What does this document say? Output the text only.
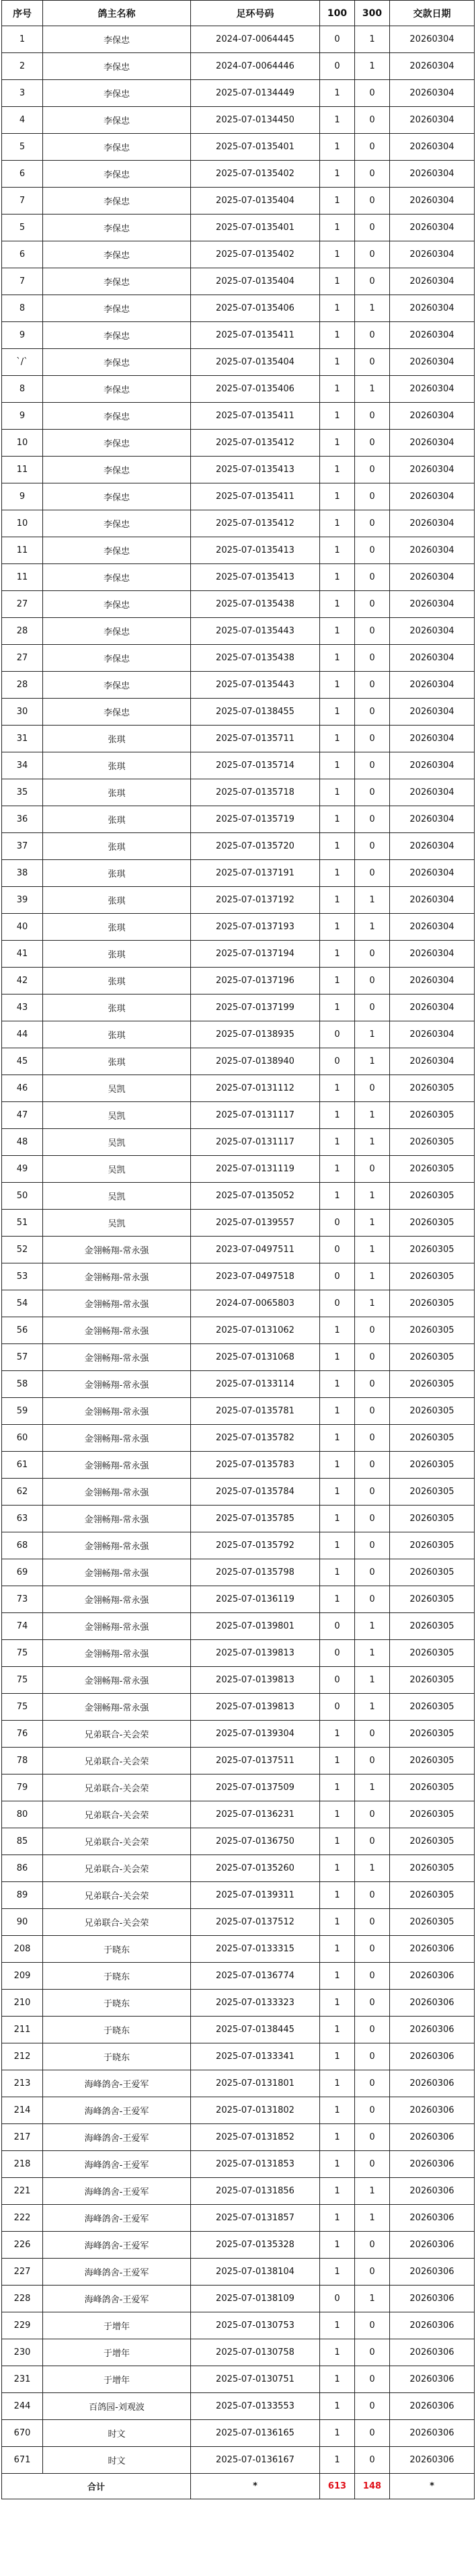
序号	鸽主名称	足环号码	100	300	交款日期
1	李保忠	2024-07-0064445	0	1	20260304
2	李保忠	2024-07-0064446	0	1	20260304
3	李保忠	2025-07-0134449	1	0	20260304
4	李保忠	2025-07-0134450	1	0	20260304
5	李保忠	2025-07-0135401	1	0	20260304
6	李保忠	2025-07-0135402	1	0	20260304
7	李保忠	2025-07-0135404	1	0	20260304
5	李保忠	2025-07-0135401	1	0	20260304
6	李保忠	2025-07-0135402	1	0	20260304
7	李保忠	2025-07-0135404	1	0	20260304
8	李保忠	2025-07-0135406	1	1	20260304
9	李保忠	2025-07-0135411	1	0	20260304
`/`	李保忠	2025-07-0135404	1	0	20260304
8	李保忠	2025-07-0135406	1	1	20260304
9	李保忠	2025-07-0135411	1	0	20260304
10	李保忠	2025-07-0135412	1	0	20260304
11	李保忠	2025-07-0135413	1	0	20260304
9	李保忠	2025-07-0135411	1	0	20260304
10	李保忠	2025-07-0135412	1	0	20260304
11	李保忠	2025-07-0135413	1	0	20260304
11	李保忠	2025-07-0135413	1	0	20260304
27	李保忠	2025-07-0135438	1	0	20260304
28	李保忠	2025-07-0135443	1	0	20260304
27	李保忠	2025-07-0135438	1	0	20260304
28	李保忠	2025-07-0135443	1	0	20260304
30	李保忠	2025-07-0138455	1	0	20260304
31	张琪	2025-07-0135711	1	0	20260304
34	张琪	2025-07-0135714	1	0	20260304
35	张琪	2025-07-0135718	1	0	20260304
36	张琪	2025-07-0135719	1	0	20260304
37	张琪	2025-07-0135720	1	0	20260304
38	张琪	2025-07-0137191	1	0	20260304
39	张琪	2025-07-0137192	1	1	20260304
40	张琪	2025-07-0137193	1	1	20260304
41	张琪	2025-07-0137194	1	0	20260304
42	张琪	2025-07-0137196	1	0	20260304
43	张琪	2025-07-0137199	1	0	20260304
44	张琪	2025-07-0138935	0	1	20260304
45	张琪	2025-07-0138940	0	1	20260304
46	吴凯	2025-07-0131112	1	0	20260305
47	吴凯	2025-07-0131117	1	1	20260305
48	吴凯	2025-07-0131117	1	1	20260305
49	吴凯	2025-07-0131119	1	0	20260305
50	吴凯	2025-07-0135052	1	1	20260305
51	吴凯	2025-07-0139557	0	1	20260305
52	金翎畅翔-常永强	2023-07-0497511	0	1	20260305
53	金翎畅翔-常永强	2023-07-0497518	0	1	20260305
54	金翎畅翔-常永强	2024-07-0065803	0	1	20260305
56	金翎畅翔-常永强	2025-07-0131062	1	0	20260305
57	金翎畅翔-常永强	2025-07-0131068	1	0	20260305
58	金翎畅翔-常永强	2025-07-0133114	1	0	20260305
59	金翎畅翔-常永强	2025-07-0135781	1	0	20260305
60	金翎畅翔-常永强	2025-07-0135782	1	0	20260305
61	金翎畅翔-常永强	2025-07-0135783	1	0	20260305
62	金翎畅翔-常永强	2025-07-0135784	1	0	20260305
63	金翎畅翔-常永强	2025-07-0135785	1	0	20260305
68	金翎畅翔-常永强	2025-07-0135792	1	0	20260305
69	金翎畅翔-常永强	2025-07-0135798	1	0	20260305
73	金翎畅翔-常永强	2025-07-0136119	1	0	20260305
74	金翎畅翔-常永强	2025-07-0139801	0	1	20260305
75	金翎畅翔-常永强	2025-07-0139813	0	1	20260305
75	金翎畅翔-常永强	2025-07-0139813	0	1	20260305
75	金翎畅翔-常永强	2025-07-0139813	0	1	20260305
76	兄弟联合-关会荣	2025-07-0139304	1	0	20260305
78	兄弟联合-关会荣	2025-07-0137511	1	0	20260305
79	兄弟联合-关会荣	2025-07-0137509	1	1	20260305
80	兄弟联合-关会荣	2025-07-0136231	1	0	20260305
85	兄弟联合-关会荣	2025-07-0136750	1	0	20260305
86	兄弟联合-关会荣	2025-07-0135260	1	1	20260305
89	兄弟联合-关会荣	2025-07-0139311	1	0	20260305
90	兄弟联合-关会荣	2025-07-0137512	1	0	20260305
208	于晓东	2025-07-0133315	1	0	20260306
209	于晓东	2025-07-0136774	1	0	20260306
210	于晓东	2025-07-0133323	1	0	20260306
211	于晓东	2025-07-0138445	1	0	20260306
212	于晓东	2025-07-0133341	1	0	20260306
213	海峰鸽舍-王爱军	2025-07-0131801	1	0	20260306
214	海峰鸽舍-王爱军	2025-07-0131802	1	0	20260306
217	海峰鸽舍-王爱军	2025-07-0131852	1	0	20260306
218	海峰鸽舍-王爱军	2025-07-0131853	1	0	20260306
221	海峰鸽舍-王爱军	2025-07-0131856	1	1	20260306
222	海峰鸽舍-王爱军	2025-07-0131857	1	1	20260306
226	海峰鸽舍-王爱军	2025-07-0135328	1	0	20260306
227	海峰鸽舍-王爱军	2025-07-0138104	1	0	20260306
228	海峰鸽舍-王爱军	2025-07-0138109	0	1	20260306
229	于增年	2025-07-0130753	1	0	20260306
230	于增年	2025-07-0130758	1	0	20260306
231	于增年	2025-07-0130751	1	0	20260306
244	百鸽园-刘观波	2025-07-0133553	1	0	20260306
670	时文	2025-07-0136165	1	0	20260306
671	时文	2025-07-0136167	1	0	20260306
合计		*	613	148	*
